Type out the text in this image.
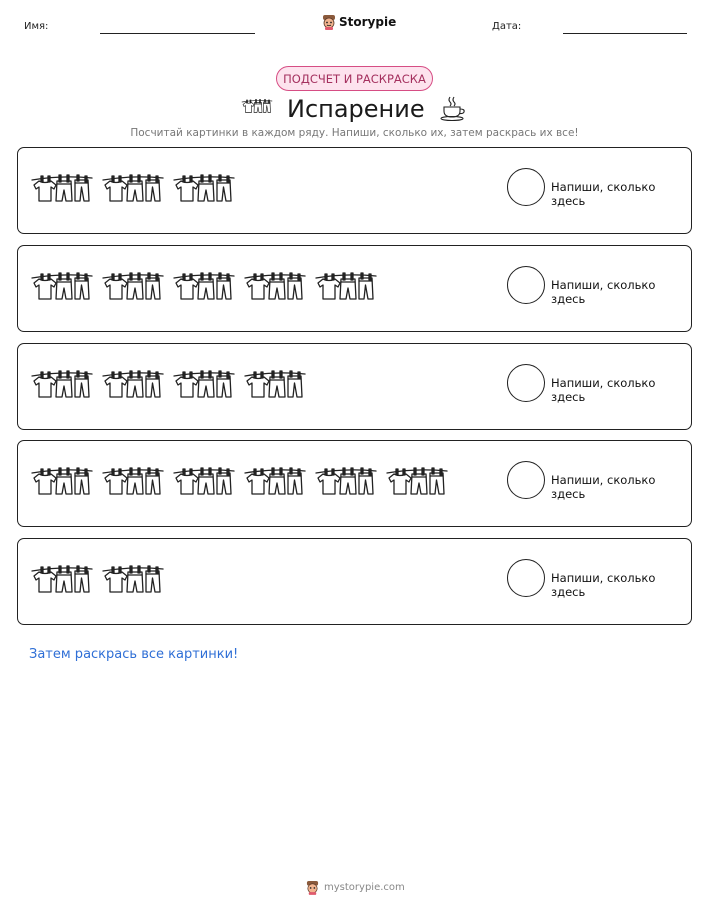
Имя:	Storypie	Дата:
ПОДСЧЕТ И РАСКРАСКА
Испарение
Посчитай картинки в каждом ряду. Напиши, сколько их, затем раскрась их все!
Напиши, сколько здесь
Напиши, сколько здесь
Напиши, сколько здесь
Напиши, сколько здесь
Напиши, сколько здесь
Затем раскрась все картинки!
mystorypie.com
